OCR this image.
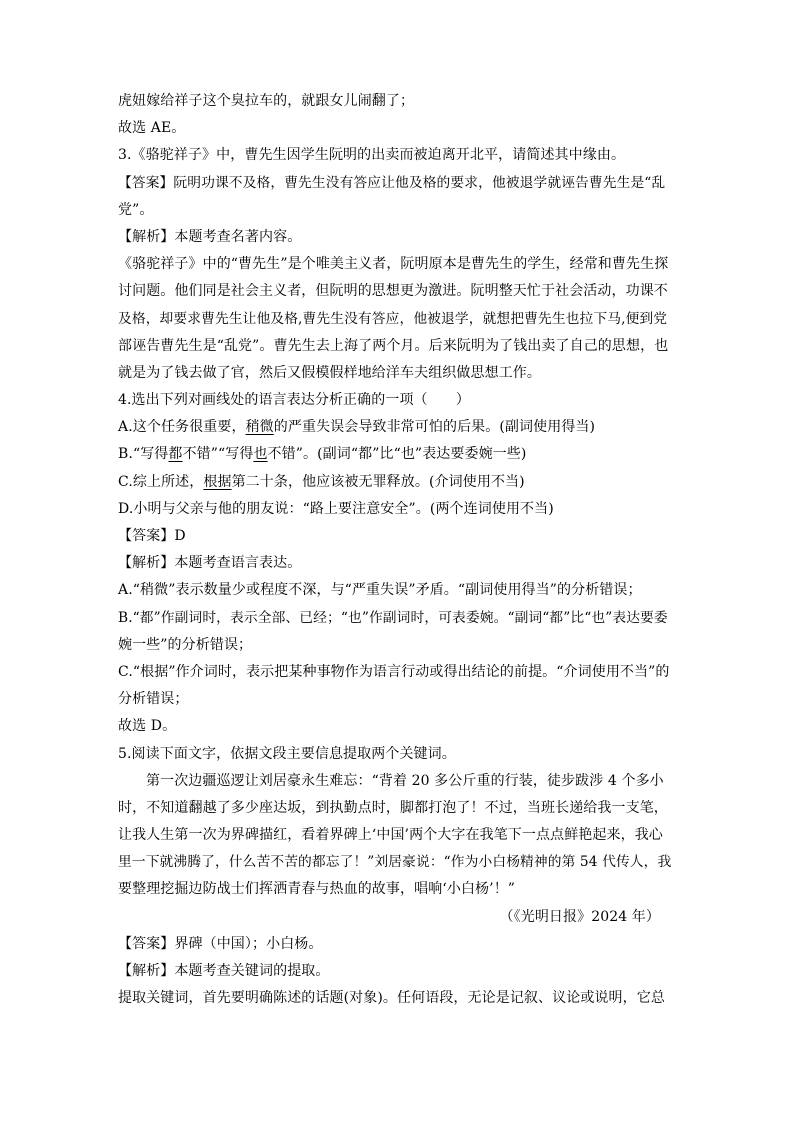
虎妞嫁给祥子这个臭拉车的，就跟女儿闹翻了；
故选 AE。
3.《骆驼祥子》中，曹先生因学生阮明的出卖而被迫离开北平，请简述其中缘由。
【答案】阮明功课不及格，曹先生没有答应让他及格的要求，他被退学就诬告曹先生是“乱
党”。
【解析】本题考查名著内容。
《骆驼祥子》中的“曹先生”是个唯美主义者，阮明原本是曹先生的学生，经常和曹先生探
讨问题。他们同是社会主义者，但阮明的思想更为激进。阮明整天忙于社会活动，功课不
及格，却要求曹先生让他及格,曹先生没有答应，他被退学，就想把曹先生也拉下马,便到党
部诬告曹先生是“乱党”。曹先生去上海了两个月。后来阮明为了钱出卖了自己的思想，也
就是为了钱去做了官，然后又假模假样地给洋车夫组织做思想工作。
4.选出下列对画线处的语言表达分析正确的一项（　　）
A.这个任务很重要，稍微的严重失误会导致非常可怕的后果。(副词使用得当)
B.“写得都不错”“写得也不错”。(副词“都”比“也”表达要委婉一些)
C.综上所述，根据第二十条，他应该被无罪释放。(介词使用不当)
D.小明与父亲与他的朋友说：“路上要注意安全”。(两个连词使用不当)
【答案】D
【解析】本题考查语言表达。
A.“稍微”表示数量少或程度不深，与“严重失误”矛盾。“副词使用得当”的分析错误；
B.“都”作副词时，表示全部、已经；“也”作副词时，可表委婉。“副词“都”比“也”表达要委
婉一些”的分析错误；
C.“根据”作介词时，表示把某种事物作为语言行动或得出结论的前提。“介词使用不当”的
分析错误；
故选 D。
5.阅读下面文字，依据文段主要信息提取两个关键词。
第一次边疆巡逻让刘居豪永生难忘：“背着 20 多公斤重的行装，徒步跋涉 4 个多小
时，不知道翻越了多少座达坂，到执勤点时，脚都打泡了！不过，当班长递给我一支笔，
让我人生第一次为界碑描红，看着界碑上‘中国’两个大字在我笔下一点点鲜艳起来，我心
里一下就沸腾了，什么苦不苦的都忘了！”刘居豪说：“作为小白杨精神的第 54 代传人，我
要整理挖掘边防战士们挥洒青春与热血的故事，唱响‘小白杨’！”
（《光明日报》2024 年）
【答案】界碑（中国）；小白杨。
【解析】本题考查关键词的提取。
提取关键词，首先要明确陈述的话题(对象)。任何语段，无论是记叙、议论或说明，它总
